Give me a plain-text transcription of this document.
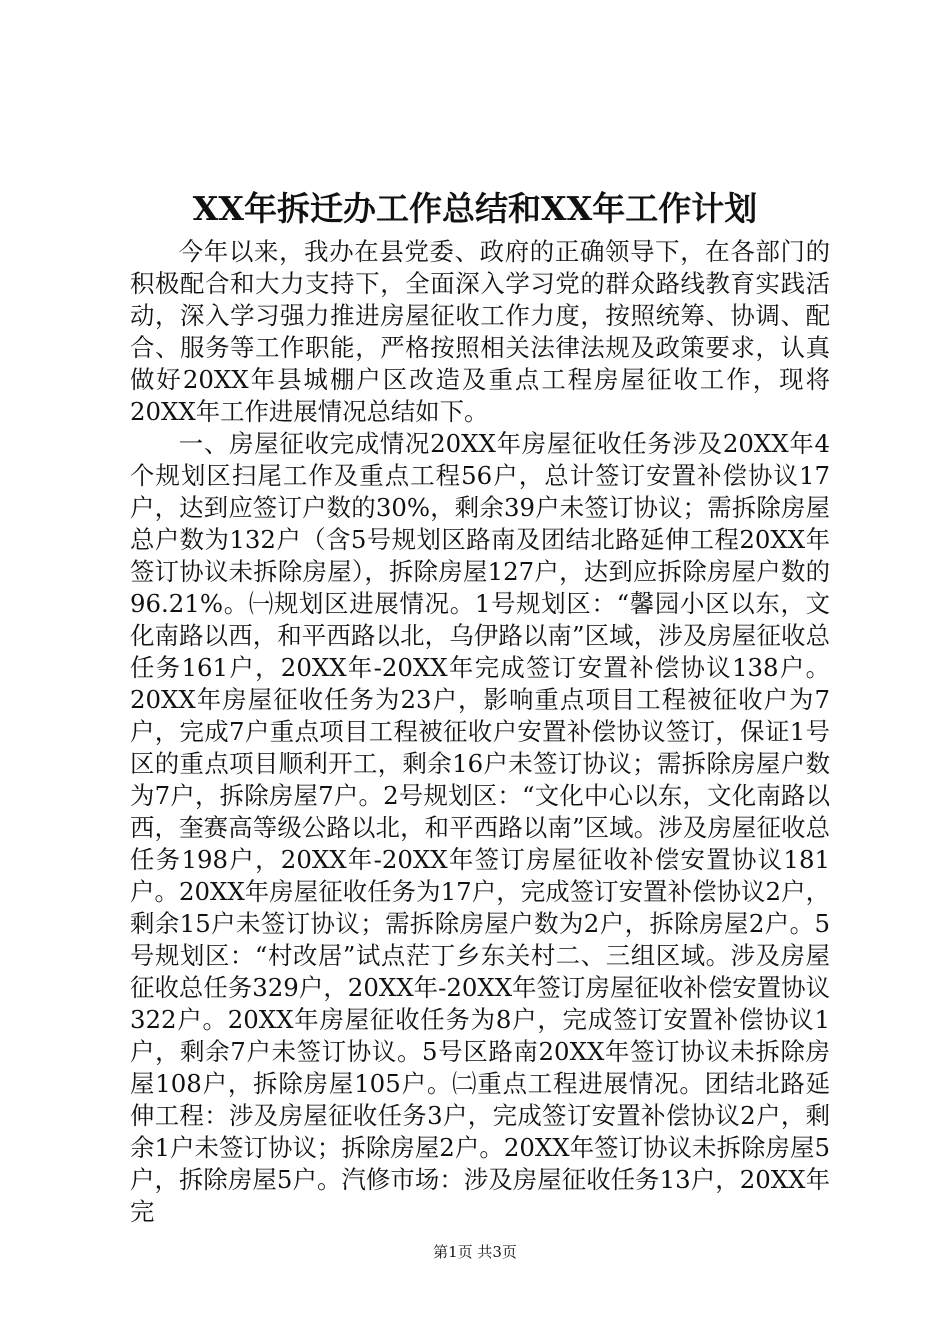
XX年拆迁办工作总结和XX年工作计划

今年以来，我办在县党委、政府的正确领导下，在各部门的积极配合和大力支持下，全面深入学习党的群众路线教育实践活动，深入学习强力推进房屋征收工作力度，按照统筹、协调、配合、服务等工作职能，严格按照相关法律法规及政策要求，认真做好20XX年县城棚户区改造及重点工程房屋征收工作，现将20XX年工作进展情况总结如下。

一、房屋征收完成情况20XX年房屋征收任务涉及20XX年4个规划区扫尾工作及重点工程56户，总计签订安置补偿协议17户，达到应签订户数的30%，剩余39户未签订协议；需拆除房屋总户数为132户（含5号规划区路南及团结北路延伸工程20XX年签订协议未拆除房屋），拆除房屋127户，达到应拆除房屋户数的96.21%。㈠规划区进展情况。1号规划区：“馨园小区以东，文化南路以西，和平西路以北，乌伊路以南”区域，涉及房屋征收总任务161户，20XX年-20XX年完成签订安置补偿协议138户。20XX年房屋征收任务为23户，影响重点项目工程被征收户为7户，完成7户重点项目工程被征收户安置补偿协议签订，保证1号区的重点项目顺利开工，剩余16户未签订协议；需拆除房屋户数为7户，拆除房屋7户。2号规划区：“文化中心以东，文化南路以西，奎赛高等级公路以北，和平西路以南”区域。涉及房屋征收总任务198户，20XX年-20XX年签订房屋征收补偿安置协议181户。20XX年房屋征收任务为17户，完成签订安置补偿协议2户，剩余15户未签订协议；需拆除房屋户数为2户，拆除房屋2户。5号规划区：“村改居”试点茫丁乡东关村二、三组区域。涉及房屋征收总任务329户，20XX年-20XX年签订房屋征收补偿安置协议322户。20XX年房屋征收任务为8户，完成签订安置补偿协议1户，剩余7户未签订协议。5号区路南20XX年签订协议未拆除房屋108户，拆除房屋105户。㈡重点工程进展情况。团结北路延伸工程：涉及房屋征收任务3户，完成签订安置补偿协议2户，剩余1户未签订协议；拆除房屋2户。20XX年签订协议未拆除房屋5户，拆除房屋5户。汽修市场：涉及房屋征收任务13户，20XX年完

第1页 共3页
